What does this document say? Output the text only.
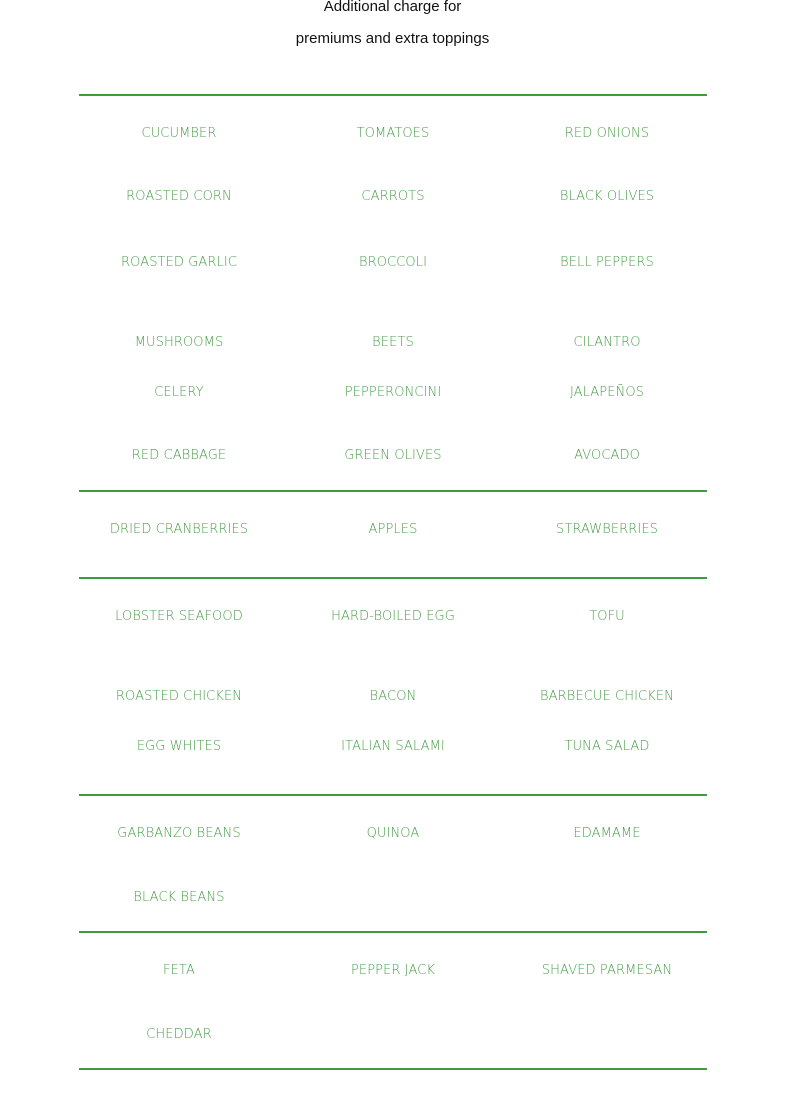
Additional charge for
premiums and extra toppings
CUCUMBER	TOMATOES	RED ONIONS
ROASTED CORN	CARROTS	BLACK OLIVES
ROASTED GARLIC	BROCCOLI	BELL PEPPERS
MUSHROOMS	BEETS	CILANTRO
CELERY	PEPPERONCINI	JALAPEÑOS
RED CABBAGE	GREEN OLIVES	AVOCADO
DRIED CRANBERRIES	APPLES	STRAWBERRIES
LOBSTER SEAFOOD	HARD-BOILED EGG	TOFU
ROASTED CHICKEN	BACON	BARBECUE CHICKEN
EGG WHITES	ITALIAN SALAMI	TUNA SALAD
GARBANZO BEANS	QUINOA	EDAMAME
BLACK BEANS
FETA	PEPPER JACK	SHAVED PARMESAN
CHEDDAR
